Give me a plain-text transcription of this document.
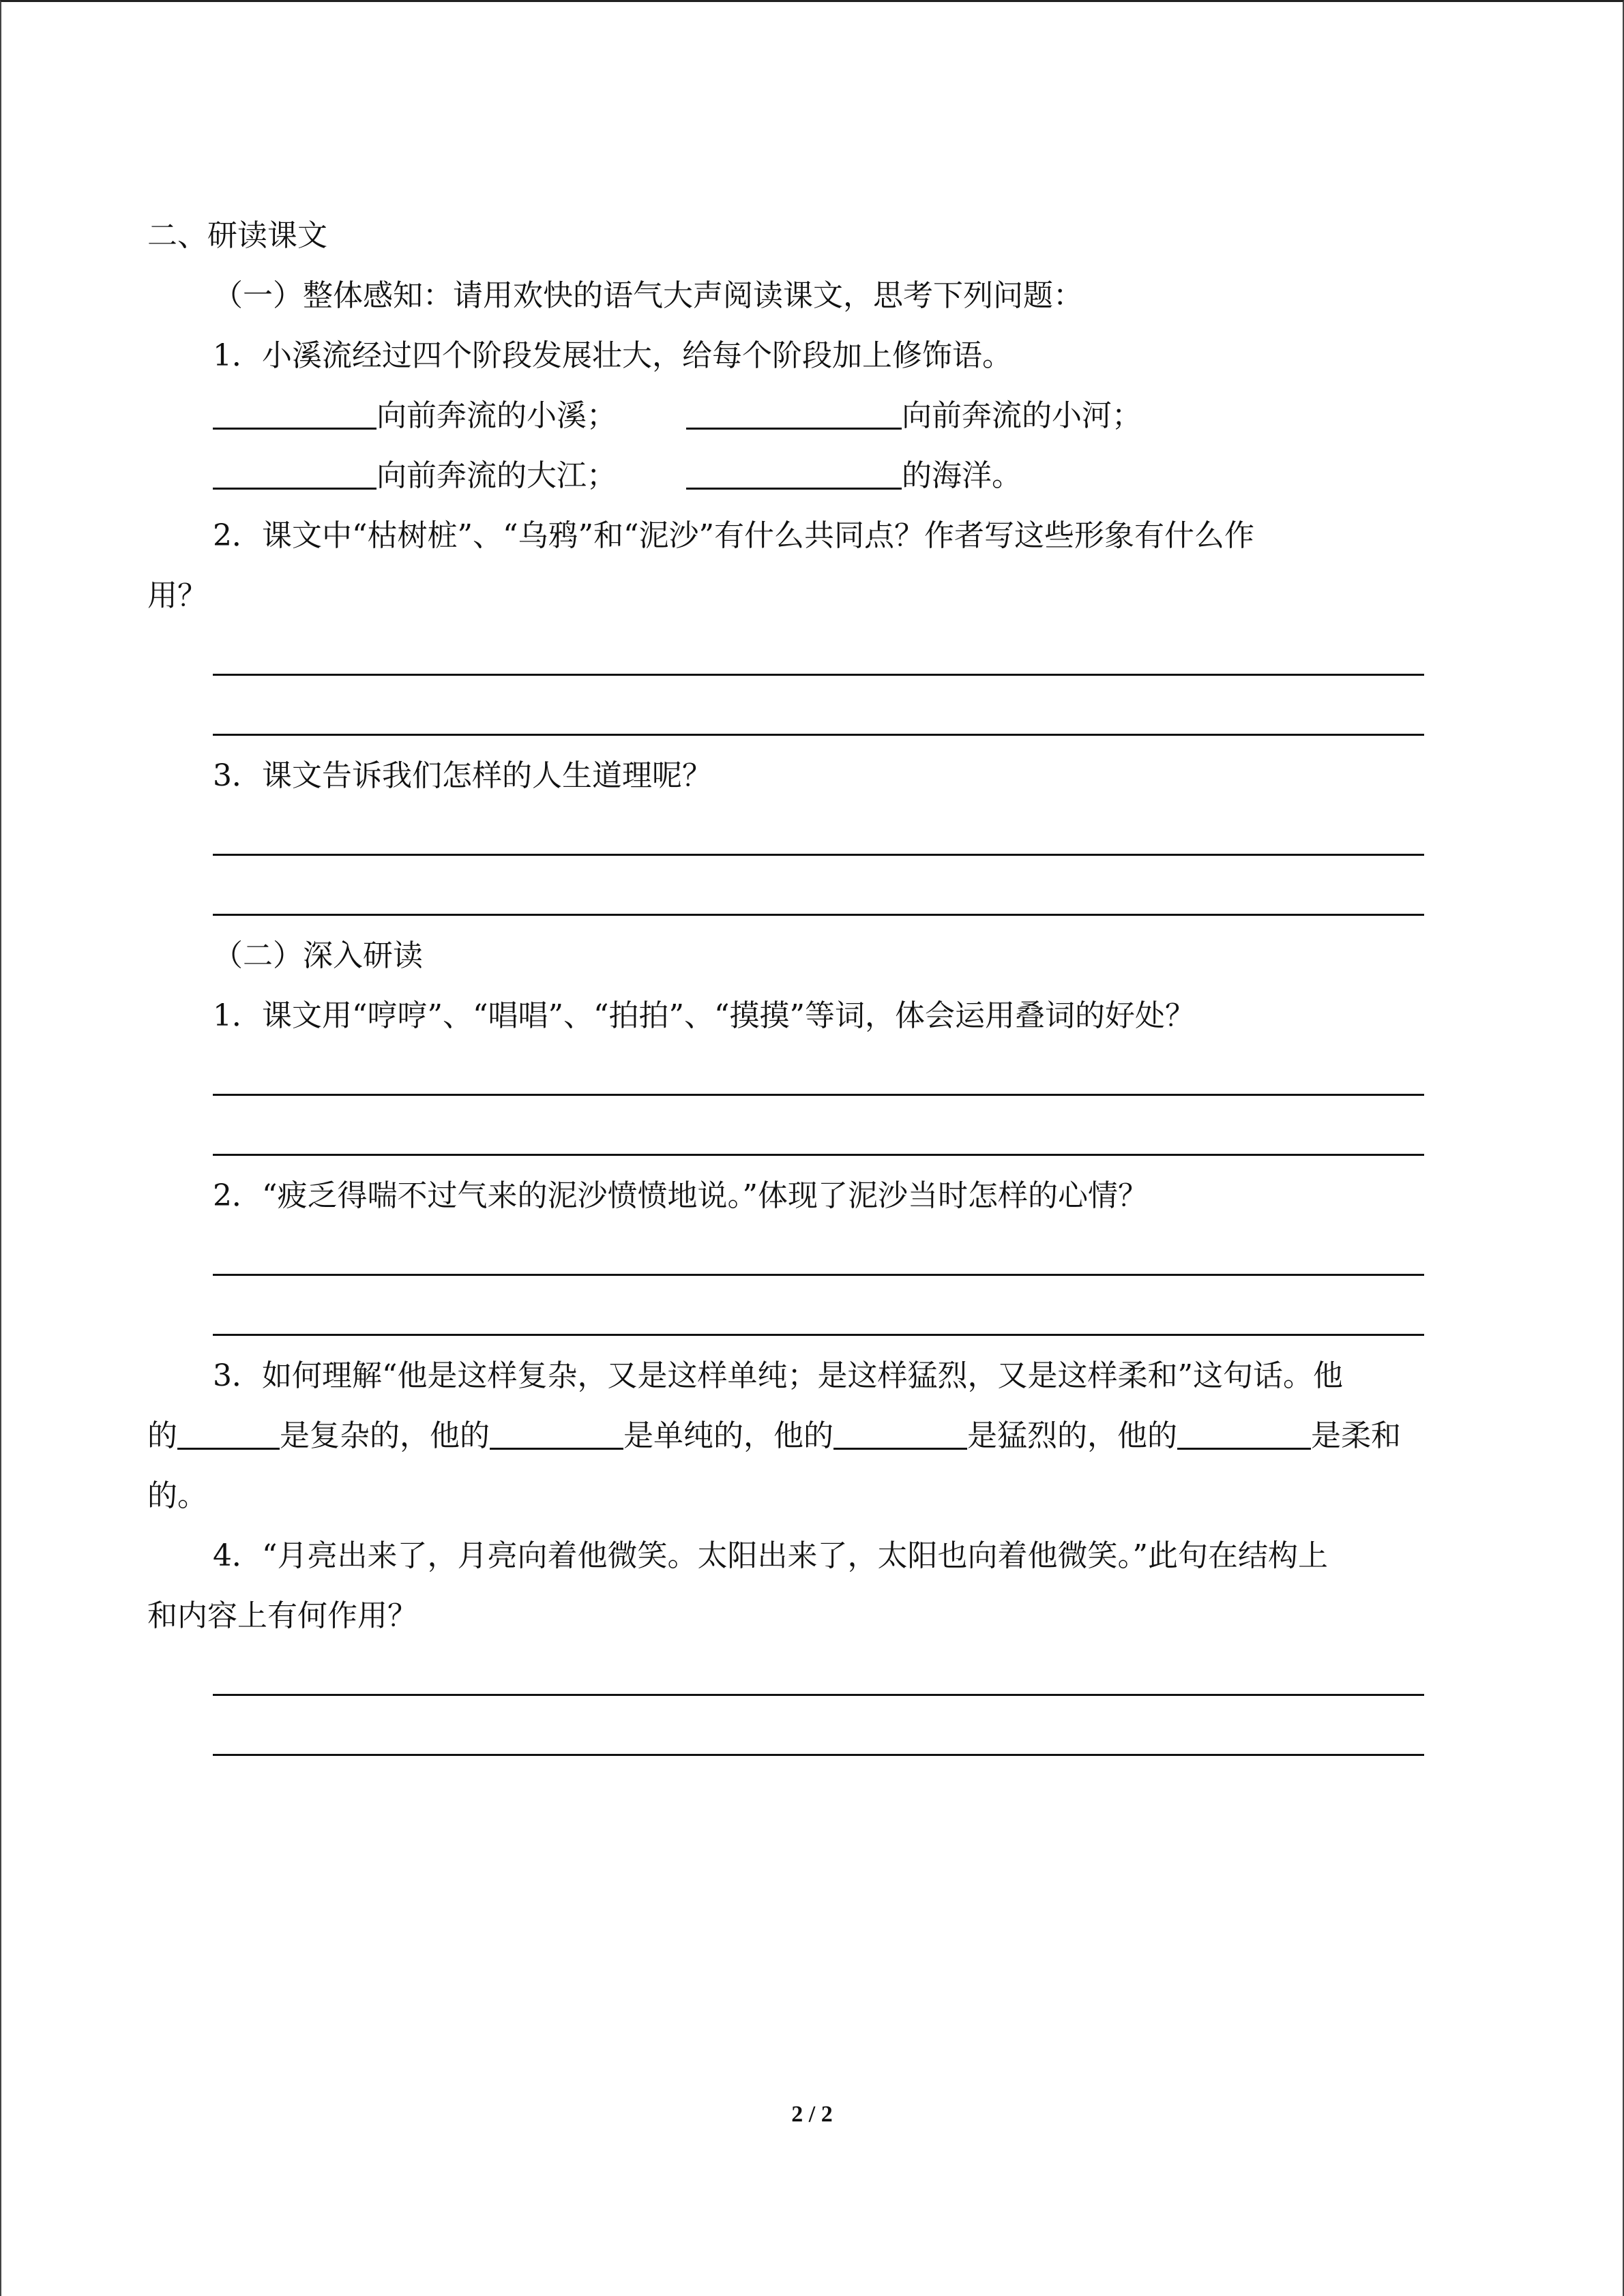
二、研读课文
（一）整体感知：请用欢快的语气大声阅读课文，思考下列问题：
1．小溪流经过四个阶段发展壮大，给每个阶段加上修饰语。
向前奔流的小溪；	向前奔流的小河；
向前奔流的大江；	的海洋。
2．课文中“枯树桩”、“乌鸦”和“泥沙”有什么共同点？作者写这些形象有什么作
用？
3．课文告诉我们怎样的人生道理呢？
（二）深入研读
1．课文用“哼哼”、“唱唱”、“拍拍”、“摸摸”等词，体会运用叠词的好处？
2．“疲乏得喘不过气来的泥沙愤愤地说。”体现了泥沙当时怎样的心情？
3．如何理解“他是这样复杂，又是这样单纯；是这样猛烈，又是这样柔和”这句话。他
的	是复杂的，他的	是单纯的，他的	是猛烈的，他的	是柔和
的。
4．“月亮出来了，月亮向着他微笑。太阳出来了，太阳也向着他微笑。”此句在结构上
和内容上有何作用？
2 / 2
